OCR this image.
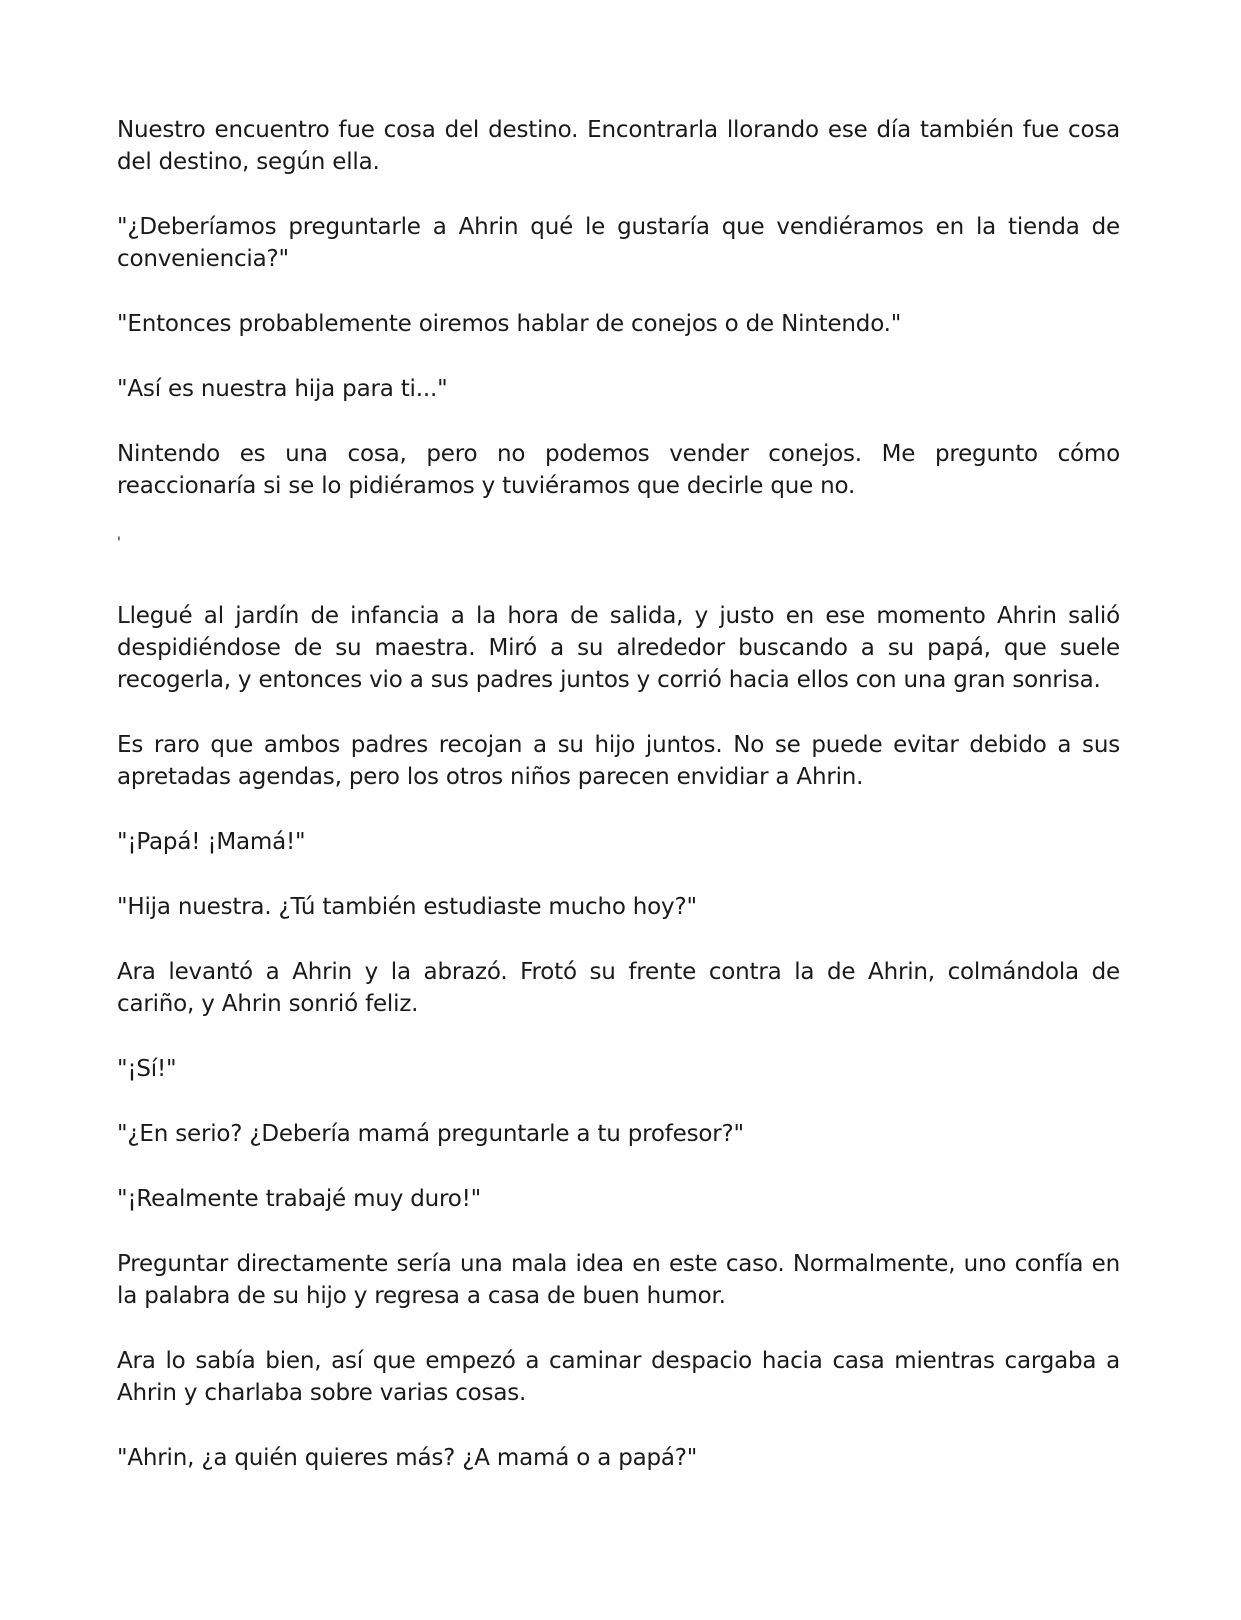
Nuestro encuentro fue cosa del destino. Encontrarla llorando ese día también fue cosa del destino, según ella.

"¿Deberíamos preguntarle a Ahrin qué le gustaría que vendiéramos en la tienda de conveniencia?"

"Entonces probablemente oiremos hablar de conejos o de Nintendo."

"Así es nuestra hija para ti..."

Nintendo es una cosa, pero no podemos vender conejos. Me pregunto cómo reaccionaría si se lo pidiéramos y tuviéramos que decirle que no.

'

Llegué al jardín de infancia a la hora de salida, y justo en ese momento Ahrin salió despidiéndose de su maestra. Miró a su alrededor buscando a su papá, que suele recogerla, y entonces vio a sus padres juntos y corrió hacia ellos con una gran sonrisa.

Es raro que ambos padres recojan a su hijo juntos. No se puede evitar debido a sus apretadas agendas, pero los otros niños parecen envidiar a Ahrin.

"¡Papá! ¡Mamá!"

"Hija nuestra. ¿Tú también estudiaste mucho hoy?"

Ara levantó a Ahrin y la abrazó. Frotó su frente contra la de Ahrin, colmándola de cariño, y Ahrin sonrió feliz.

"¡Sí!"

"¿En serio? ¿Debería mamá preguntarle a tu profesor?"

"¡Realmente trabajé muy duro!"

Preguntar directamente sería una mala idea en este caso. Normalmente, uno confía en la palabra de su hijo y regresa a casa de buen humor.

Ara lo sabía bien, así que empezó a caminar despacio hacia casa mientras cargaba a Ahrin y charlaba sobre varias cosas.

"Ahrin, ¿a quién quieres más? ¿A mamá o a papá?"
